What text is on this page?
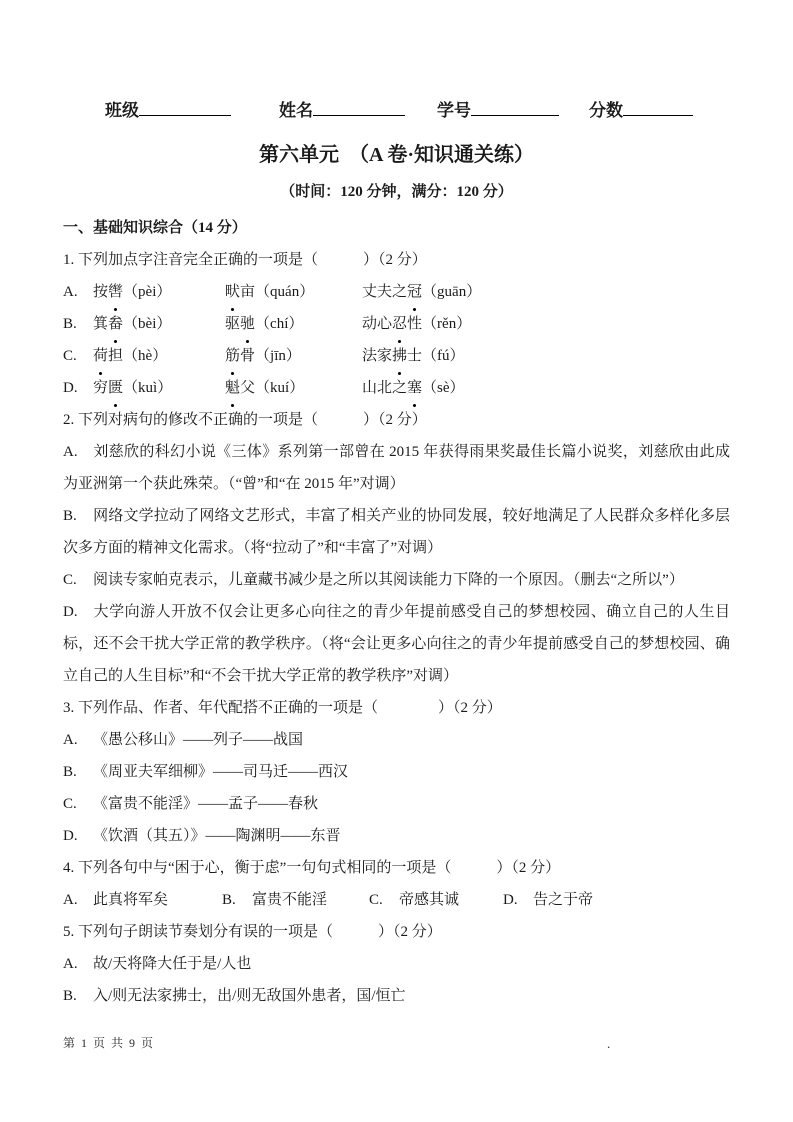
班级	姓名	学号	分数
第六单元　（A 卷·知识通关练）
（时间：120 分钟，满分：120 分）
一、基础知识综合（14 分）

1. 下列加点字注音完全正确的一项是（　　　）（2 分）

A.	按辔（pèi）	畎亩（quán）	丈夫之冠（guān）
B.	箕畚（bèi）	驱驰（chí）	动心忍性（rěn）
C.	荷担（hè）	筋骨（jīn）	法家拂士（fú）
D.	穷匮（kuì）	魁父（kuí）	山北之塞（sè）

2. 下列对病句的修改不正确的一项是（　　　）（2 分）

A. 刘慈欣的科幻小说《三体》系列第一部曾在 2015 年获得雨果奖最佳长篇小说奖，刘慈欣由此成为亚洲第一个获此殊荣。（“曾”和“在 2015 年”对调）

B. 网络文学拉动了网络文艺形式，丰富了相关产业的协同发展，较好地满足了人民群众多样化多层次多方面的精神文化需求。（将“拉动了”和“丰富了”对调）

C. 阅读专家帕克表示，儿童藏书减少是之所以其阅读能力下降的一个原因。（删去“之所以”）

D. 大学向游人开放不仅会让更多心向往之的青少年提前感受自己的梦想校园、确立自己的人生目标，还不会干扰大学正常的教学秩序。（将“会让更多心向往之的青少年提前感受自己的梦想校园、确立自己的人生目标”和“不会干扰大学正常的教学秩序”对调）

3. 下列作品、作者、年代配搭不正确的一项是（　　　　）（2 分）

A. 《愚公移山》——列子——战国

B. 《周亚夫军细柳》——司马迁——西汉

C. 《富贵不能淫》——孟子——春秋

D. 《饮酒（其五）》——陶渊明——东晋

4. 下列各句中与“困于心，衡于虑”一句句式相同的一项是（　　　）（2 分）

A. 此真将军矣	B. 富贵不能淫	C. 帝感其诚	D. 告之于帝

5. 下列句子朗读节奏划分有误的一项是（　　　）（2 分）

A. 故/天将降大任于是/人也

B. 入/则无法家拂士，出/则无敌国外患者，国/恒亡

第 1 页 共 9 页	.
